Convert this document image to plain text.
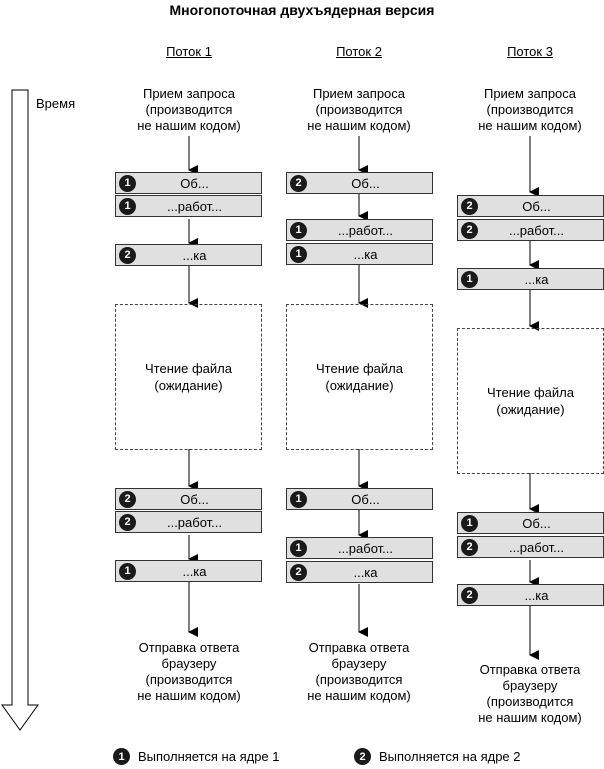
Многопоточная двухъядерная версия
Время
Поток 1
Прием запроса
(производится
не нашим кодом)
1	Об...
1	...работ...
2	...ка
Чтение файла
(ожидание)
2	Об...
2	...работ...
1	...ка
Отправка ответа
браузеру
(производится
не нашим кодом)
Поток 2
Прием запроса
(производится
не нашим кодом)
2	Об...
1	...работ...
1	...ка
Чтение файла
(ожидание)
1	Об...
1	...работ...
2	...ка
Отправка ответа
браузеру
(производится
не нашим кодом)
Поток 3
Прием запроса
(производится
не нашим кодом)
2	Об...
2	...работ...
1	...ка
Чтение файла
(ожидание)
1	Об...
2	...работ...
2	...ка
Отправка ответа
браузеру
(производится
не нашим кодом)
1	Выполняется на ядре 1	2	Выполняется на ядре 2
